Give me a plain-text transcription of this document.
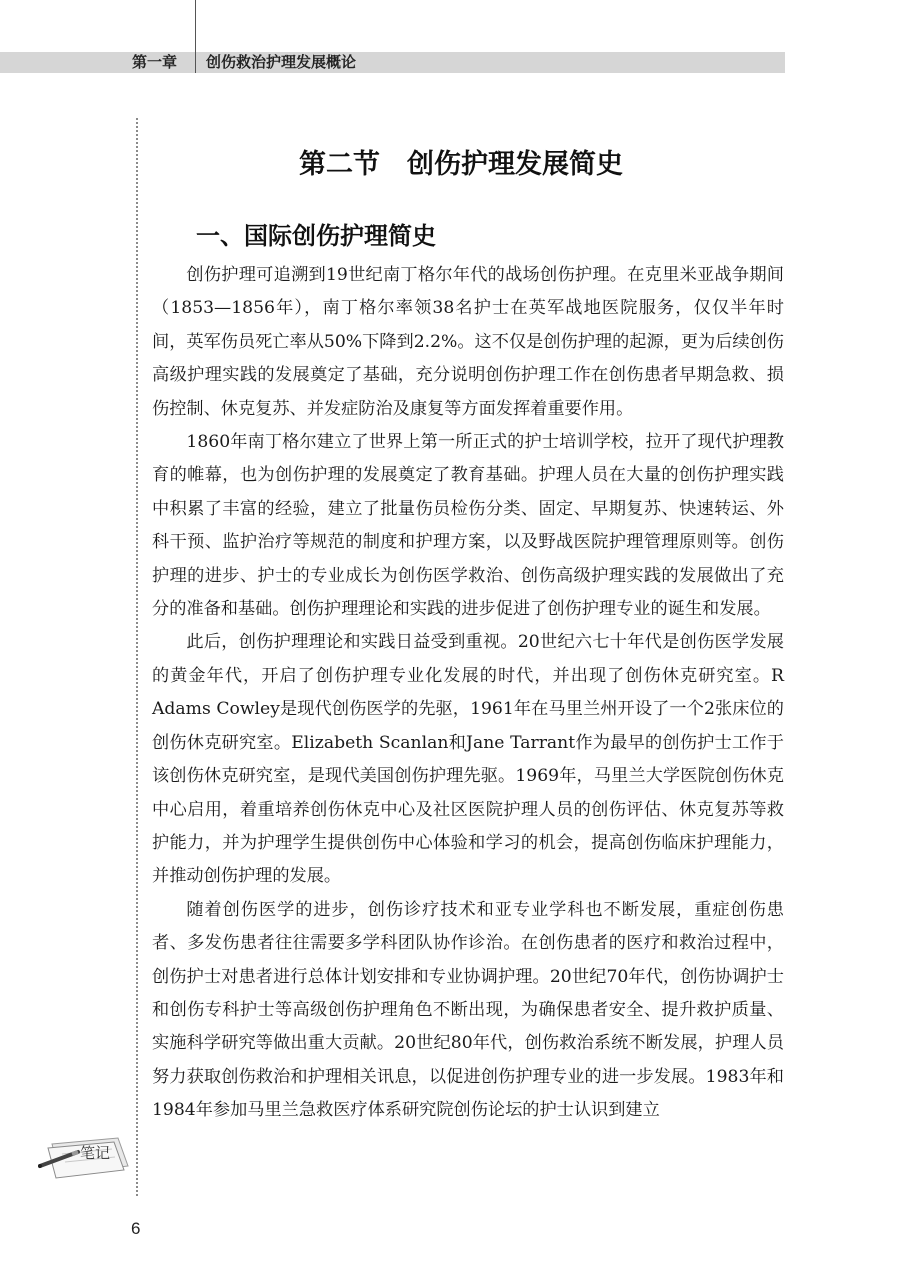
第一章 创伤救治护理发展概论
第二节　创伤护理发展简史
一、国际创伤护理简史

创伤护理可追溯到19世纪南丁格尔年代的战场创伤护理。在克里米亚战争期间（1853—1856年），南丁格尔率领38名护士在英军战地医院服务，仅仅半年时间，英军伤员死亡率从50%下降到2.2%。这不仅是创伤护理的起源，更为后续创伤高级护理实践的发展奠定了基础，充分说明创伤护理工作在创伤患者早期急救、损伤控制、休克复苏、并发症防治及康复等方面发挥着重要作用。

1860年南丁格尔建立了世界上第一所正式的护士培训学校，拉开了现代护理教育的帷幕，也为创伤护理的发展奠定了教育基础。护理人员在大量的创伤护理实践中积累了丰富的经验，建立了批量伤员检伤分类、固定、早期复苏、快速转运、外科干预、监护治疗等规范的制度和护理方案，以及野战医院护理管理原则等。创伤护理的进步、护士的专业成长为创伤医学救治、创伤高级护理实践的发展做出了充分的准备和基础。创伤护理理论和实践的进步促进了创伤护理专业的诞生和发展。

此后，创伤护理理论和实践日益受到重视。20世纪六七十年代是创伤医学发展的黄金年代，开启了创伤护理专业化发展的时代，并出现了创伤休克研究室。R Adams Cowley是现代创伤医学的先驱，1961年在马里兰州开设了一个2张床位的创伤休克研究室。Elizabeth Scanlan和Jane Tarrant作为最早的创伤护士工作于该创伤休克研究室，是现代美国创伤护理先驱。1969年，马里兰大学医院创伤休克中心启用，着重培养创伤休克中心及社区医院护理人员的创伤评估、休克复苏等救护能力，并为护理学生提供创伤中心体验和学习的机会，提高创伤临床护理能力，并推动创伤护理的发展。

随着创伤医学的进步，创伤诊疗技术和亚专业学科也不断发展，重症创伤患者、多发伤患者往往需要多学科团队协作诊治。在创伤患者的医疗和救治过程中，创伤护士对患者进行总体计划安排和专业协调护理。20世纪70年代，创伤协调护士和创伤专科护士等高级创伤护理角色不断出现，为确保患者安全、提升救护质量、实施科学研究等做出重大贡献。20世纪80年代，创伤救治系统不断发展，护理人员努力获取创伤救治和护理相关讯息，以促进创伤护理专业的进一步发展。1983年和1984年参加马里兰急救医疗体系研究院创伤论坛的护士认识到建立

笔记
6
